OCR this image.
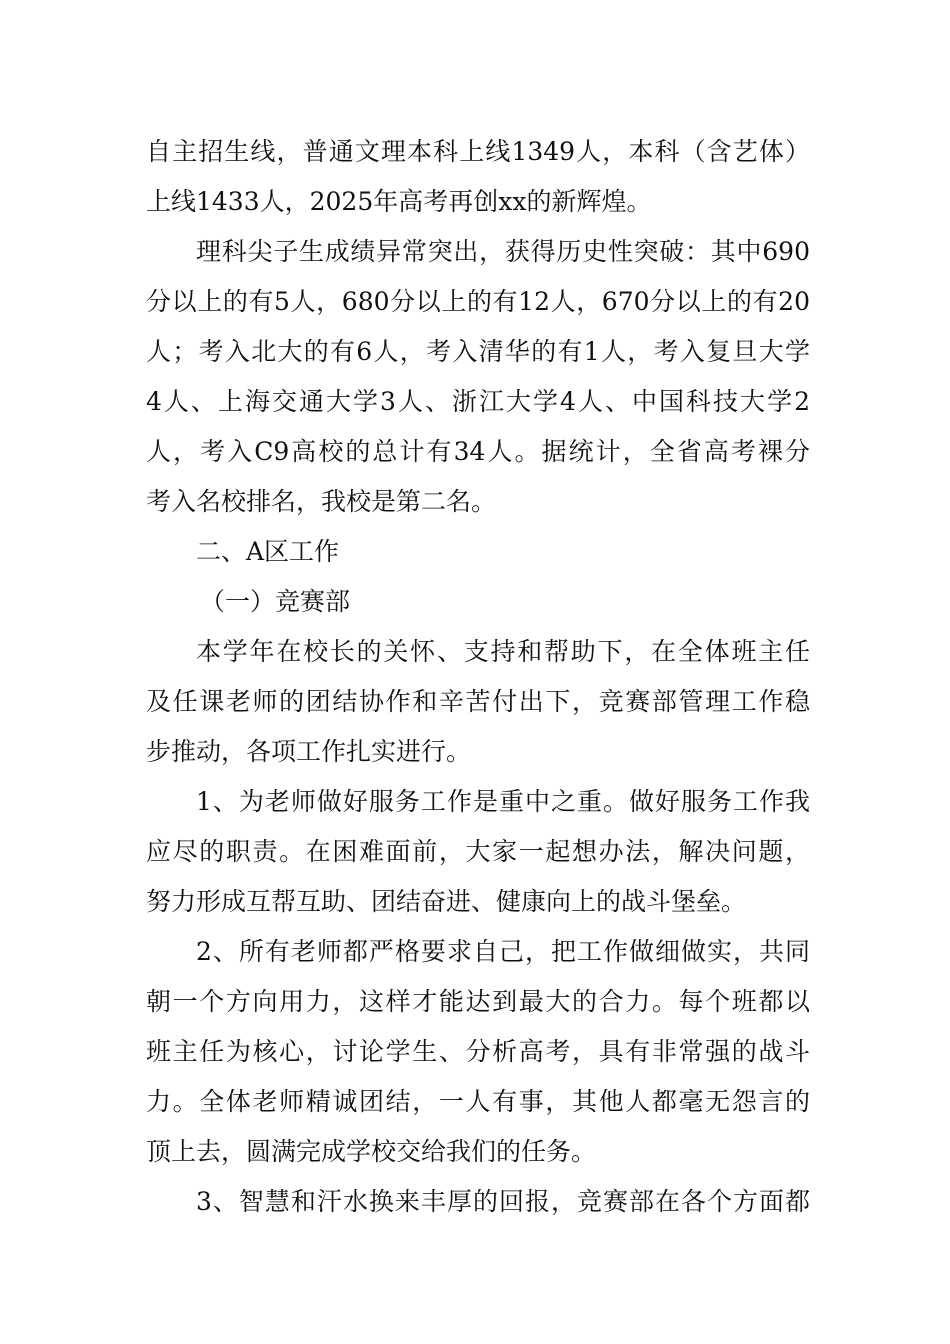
自主招生线，普通文理本科上线1349人，本科（含艺体）
上线1433人，2025年高考再创xx的新辉煌。
理科尖子生成绩异常突出，获得历史性突破：其中690
分以上的有5人，680分以上的有12人，670分以上的有20
人；考入北大的有6人，考入清华的有1人，考入复旦大学
4人、上海交通大学3人、浙江大学4人、中国科技大学2
人，考入C9高校的总计有34人。据统计，全省高考裸分
考入名校排名，我校是第二名。
二、A区工作
（一）竞赛部
本学年在校长的关怀、支持和帮助下，在全体班主任
及任课老师的团结协作和辛苦付出下，竞赛部管理工作稳
步推动，各项工作扎实进行。
1、为老师做好服务工作是重中之重。做好服务工作我
应尽的职责。在困难面前，大家一起想办法，解决问题，
努力形成互帮互助、团结奋进、健康向上的战斗堡垒。
2、所有老师都严格要求自己，把工作做细做实，共同
朝一个方向用力，这样才能达到最大的合力。每个班都以
班主任为核心，讨论学生、分析高考，具有非常强的战斗
力。全体老师精诚团结，一人有事，其他人都毫无怨言的
顶上去，圆满完成学校交给我们的任务。
3、智慧和汗水换来丰厚的回报，竞赛部在各个方面都
